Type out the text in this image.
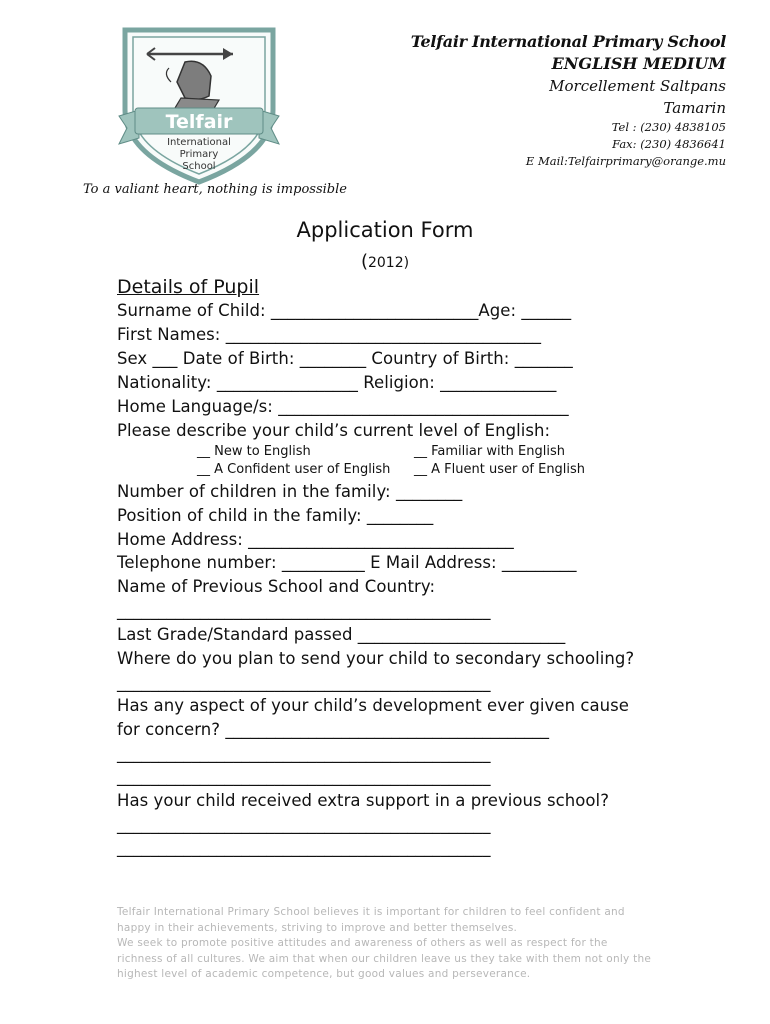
Telfair
International
Primary
School
Telfair International Primary School
ENGLISH MEDIUM
Morcellement Saltpans
Tamarin
Tel : (230) 4838105
Fax: (230) 4836641
E Mail:Telfairprimary@orange.mu
To a valiant heart, nothing is impossible
Application Form
(2012)
Details of Pupil
Surname of Child: _________________________Age: ______
First Names: ______________________________________
Sex ___ Date of Birth: ________ Country of Birth: _______
Nationality: _________________ Religion: ______________
Home Language/s: ___________________________________
Please describe your child’s current level of English:
__ New to English	__ Familiar with English
__ A Confident user of English __ A Fluent user of English
Number of children in the family: ________
Position of child in the family: ________
Home Address: ________________________________
Telephone number: __________ E Mail Address: _________
Name of Previous School and Country:
_____________________________________________
Last Grade/Standard passed _________________________
Where do you plan to send your child to secondary schooling?
_____________________________________________
Has any aspect of your child’s development ever given cause
for concern? _______________________________________
_____________________________________________
_____________________________________________
Has your child received extra support in a previous school?
_____________________________________________
_____________________________________________
Telfair International Primary School believes it is important for children to feel confident and
happy in their achievements, striving to improve and better themselves.
We seek to promote positive attitudes and awareness of others as well as respect for the
richness of all cultures. We aim that when our children leave us they take with them not only the
highest level of academic competence, but good values and perseverance.
